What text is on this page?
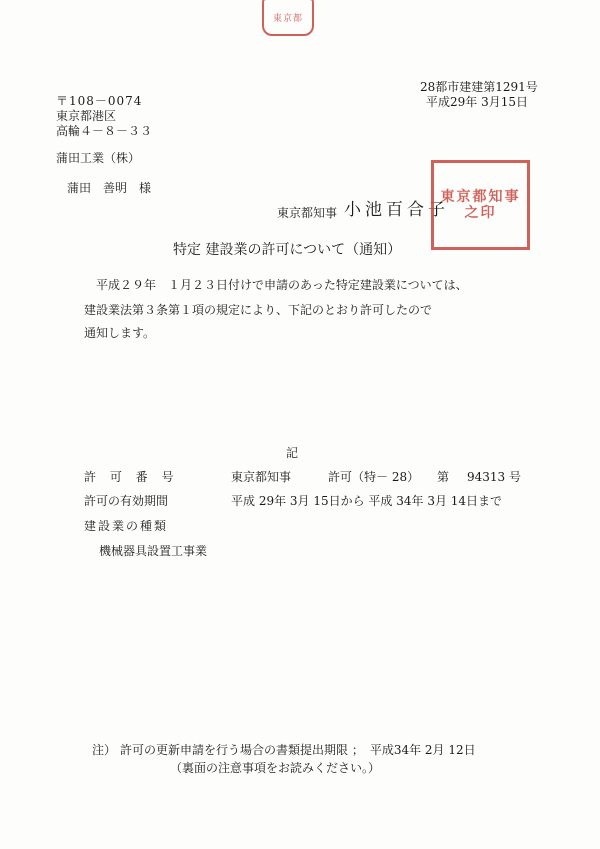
東京都
28都市建建第1291号
平成29年 3月15日
〒108－0074
東京都港区
高輪４－８－３３
蒲田工業（株）
蒲田　善明　様
東京都知事 小池百合子
東京都知事
之印
特定 建設業の許可について（通知）
平成２９年　１月２３日付けで申請のあった特定建設業については、
建設業法第３条第１項の規定により、下記のとおり許可したので
通知します。
記
許 可 番 号	東京都知事	許可（特－ 28） 第 94313 号
許可の有効期間	平成 29年 3月 15日から 平成 34年 3月 14日まで
建設業の種類
機械器具設置工事業
注） 許可の更新申請を行う場合の書類提出期限 ；　平成34年 2月 12日
（裏面の注意事項をお読みください。）
